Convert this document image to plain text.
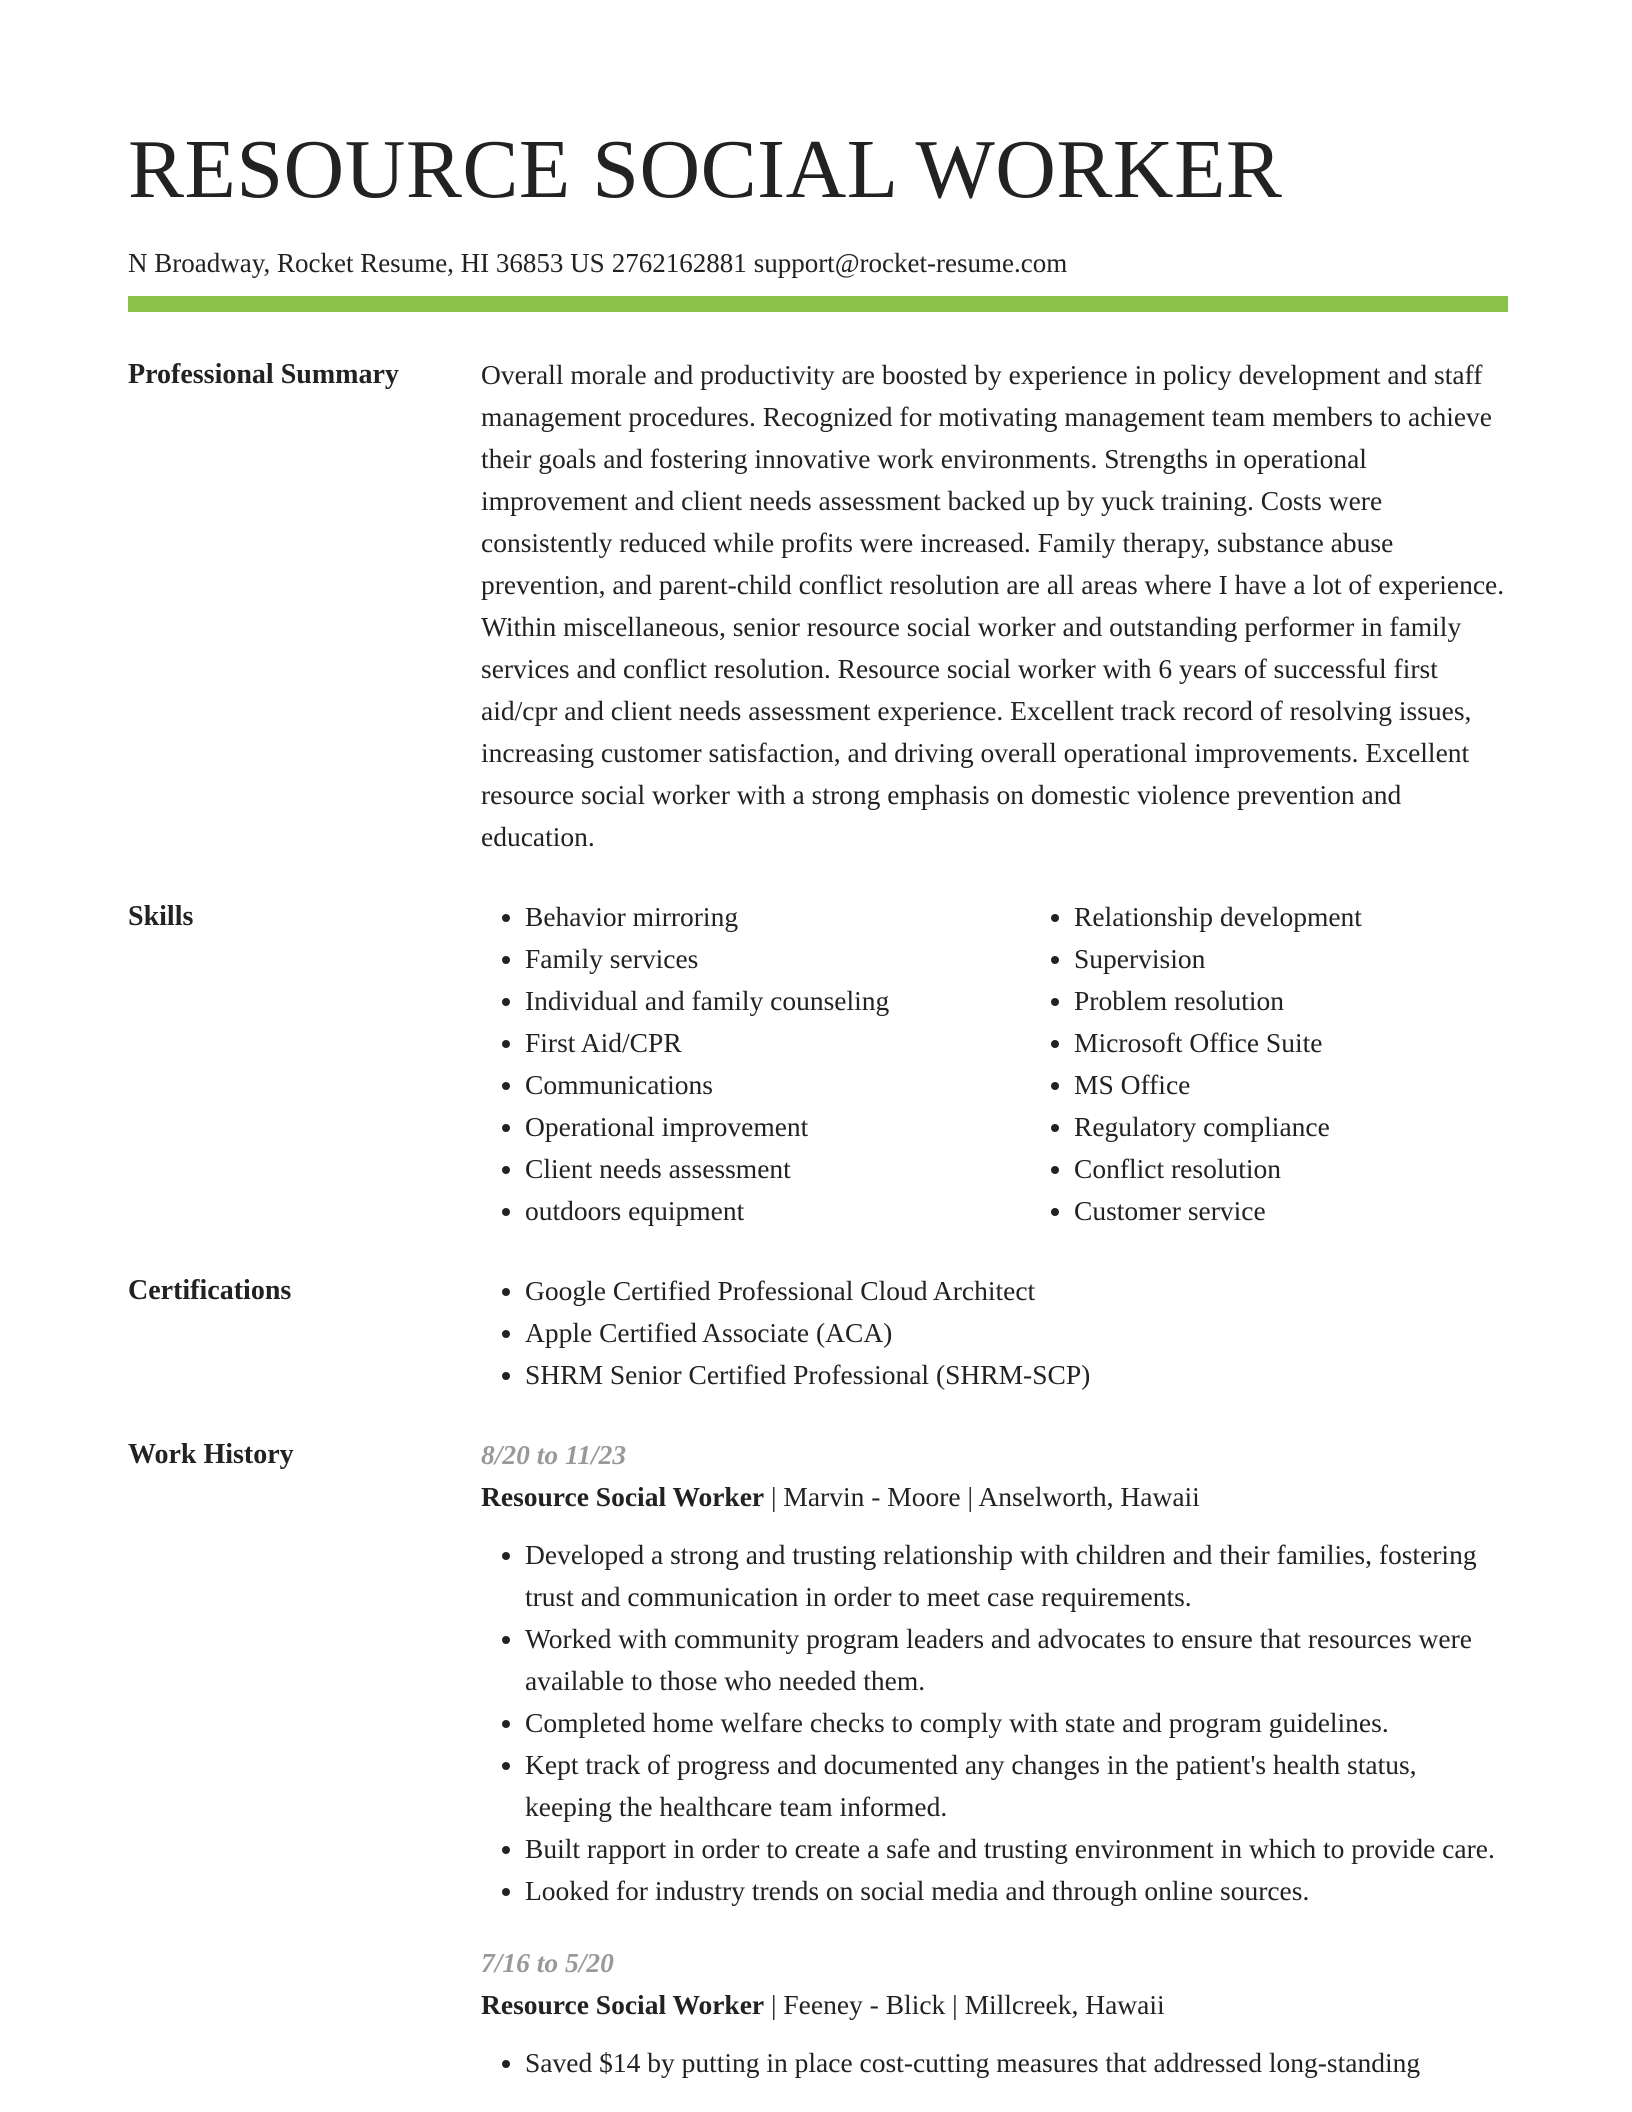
RESOURCE SOCIAL WORKER
N Broadway, Rocket Resume, HI 36853 US 2762162881 support@rocket-resume.com
Professional Summary	Overall morale and productivity are boosted by experience in policy development and staff management procedures. Recognized for motivating management team members to achieve their goals and fostering innovative work environments. Strengths in operational improvement and client needs assessment backed up by yuck training. Costs were consistently reduced while profits were increased. Family therapy, substance abuse prevention, and parent-child conflict resolution are all areas where I have a lot of experience. Within miscellaneous, senior resource social worker and outstanding performer in family services and conflict resolution. Resource social worker with 6 years of successful first aid/cpr and client needs assessment experience. Excellent track record of resolving issues, increasing customer satisfaction, and driving overall operational improvements. Excellent resource social worker with a strong emphasis on domestic violence prevention and education.

Skills	• Behavior mirroring
• Family services
• Individual and family counseling
• First Aid/CPR
• Communications
• Operational improvement
• Client needs assessment
• outdoors equipment
• Relationship development
• Supervision
• Problem resolution
• Microsoft Office Suite
• MS Office
• Regulatory compliance
• Conflict resolution
• Customer service
Certifications	• Google Certified Professional Cloud Architect
• Apple Certified Associate (ACA)
• SHRM Senior Certified Professional (SHRM-SCP)
Work History	8/20 to 11/23
Resource Social Worker | Marvin - Moore | Anselworth, Hawaii
• Developed a strong and trusting relationship with children and their families, fostering trust and communication in order to meet case requirements.
• Worked with community program leaders and advocates to ensure that resources were available to those who needed them.
• Completed home welfare checks to comply with state and program guidelines.
• Kept track of progress and documented any changes in the patient's health status, keeping the healthcare team informed.
• Built rapport in order to create a safe and trusting environment in which to provide care.
• Looked for industry trends on social media and through online sources.
7/16 to 5/20
Resource Social Worker | Feeney - Blick | Millcreek, Hawaii
• Saved $14 by putting in place cost-cutting measures that addressed long-standing
